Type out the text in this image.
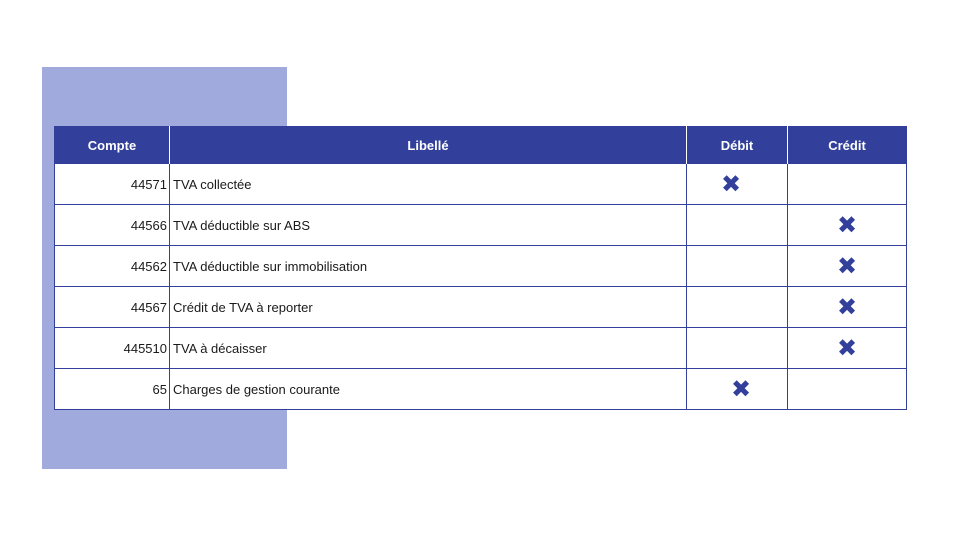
Compte	Libellé	Débit	Crédit
44571	TVA collectée	✖	
44566	TVA déductible sur ABS		✖
44562	TVA déductible sur immobilisation		✖
44567	Crédit de TVA à reporter		✖
445510	TVA à décaisser		✖
65	Charges de gestion courante	✖	
